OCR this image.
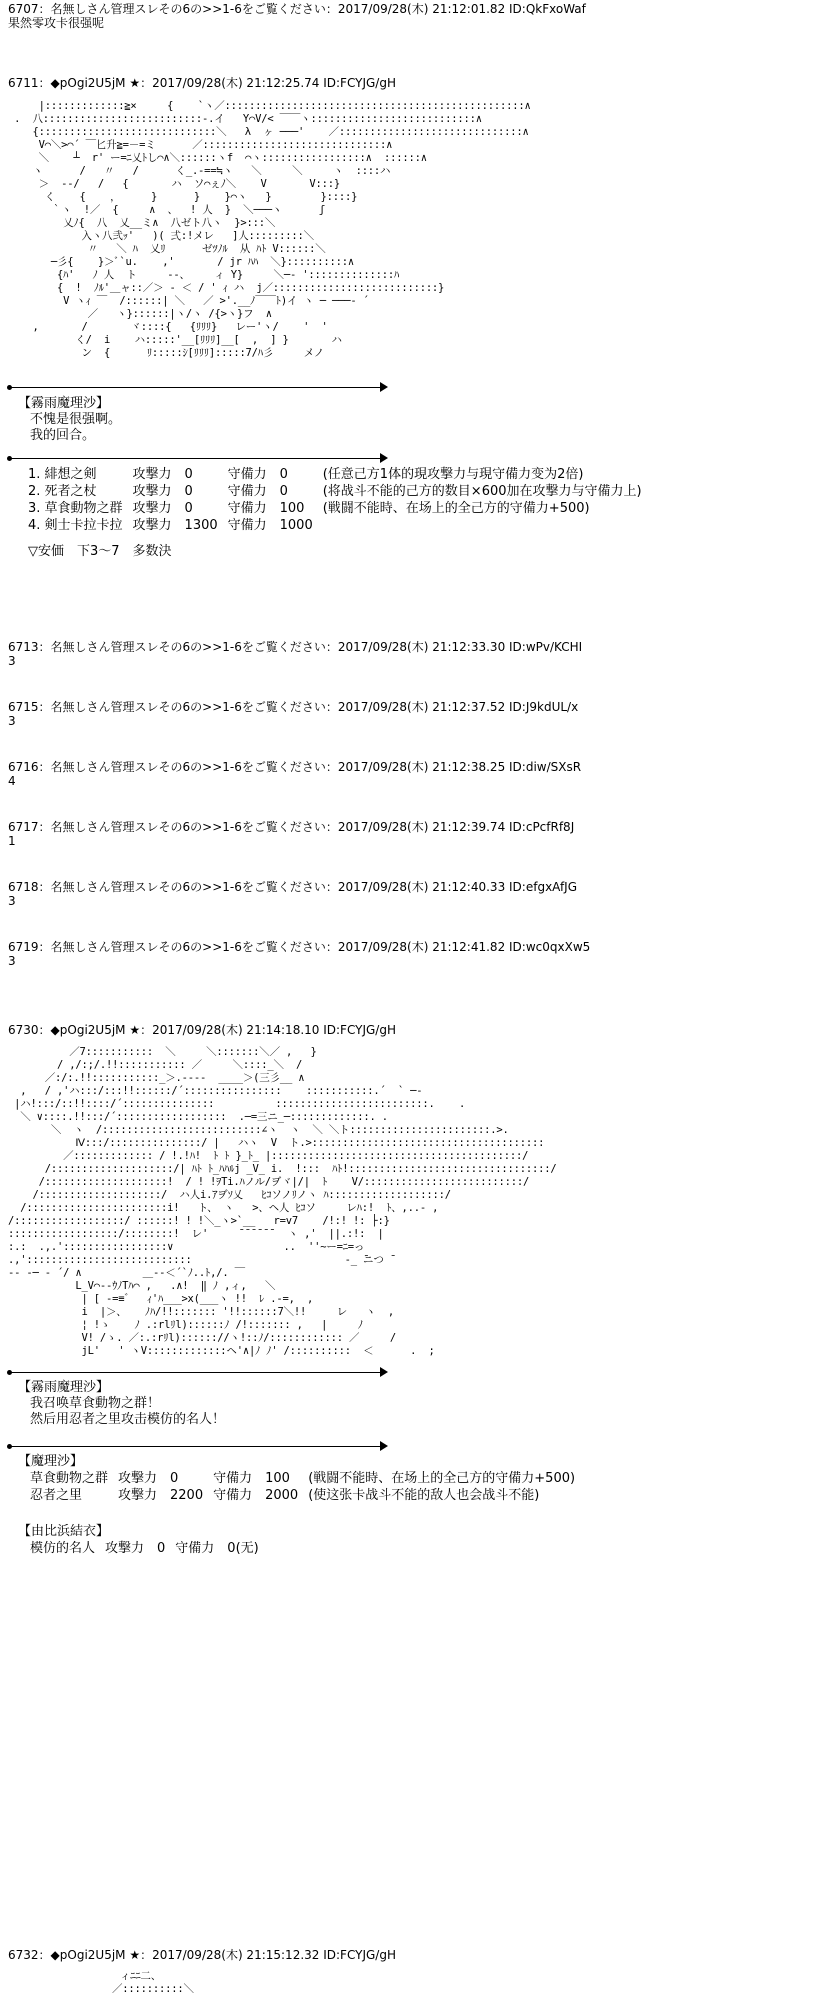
6707：名無しさん管理スレその6の>>1-6をご覧ください：2017/09/28(木) 21:12:01.82 ID:QkFxoWaf
果然零攻卡很强呢
6711：◆pOgi2U5jM ★：2017/09/28(木) 21:12:25.74 ID:FCYJG/gH
|:::::::::::::≧×     {    `ヽ／:::::::::::::::::::::::::::::::::::::::::::::::::∧
.  八::::::::::::::::::::::::::-.イ   Y⌒V/< ￣￣ヽ:::::::::::::::::::::::::::∧
{:::::::::::::::::::::::::::::＼   λ  ヶ ───'    ／::::::::::::::::::::::::::::::∧
V⌒＼>⌒´ ￣匕升≧=－=ミ      ／::::::::::::::::::::::::::::::∧
＼    ┴  r' ー=ﾆ乂ﾄし⌒∧＼::::::ヽf  ⌒ヽ:::::::::::::::::∧  ::::::∧
ヽ      /   〃   /      く_.-==≒ヽ   ＼     ＼     ヽ  ::::ハ
＞  -‐/   /   {       ハ  ソ⌒ぇﾉ＼    V       V:::}
く    {    ，     }      }    }⌒ヽ   }        }::::}
｀ヽ  !／  {     ∧  、  ! 人  }  ＼───ヽ      ʃ
乂ﾉ{  八  乂__ミ∧  八ゼト八ヽ  }>:::＼
入ヽ八弐ｯ'   )( 弍:!メレ   ]人:::::::::＼
〃   ＼ ﾊ  乂ﾘ      ゼﾂﾉﾙ  从 ﾊﾄ V::::::＼
─彡{    }＞ﾞ`u.    ,'       / jr ﾊﾊ  ＼}::::::::::∧
{ﾊ'   ﾉ 人  ト     --、    ィ Y}     ＼─‐ '::::::::::::::ﾊ
{  !  ﾉﾙ'＿ャ::／＞ - ＜ / ' ｨ ハ  j／:::::::::::::::::::::::::::}
V ヽｨ ￣  /::::::| ＼   ／ >'.__ﾉ￣￣ﾄ)イ ヽ ─ ───‐ ´
／   ヽ}::::::|ヽ/ヽ /{>ヽ}フ  ∧
,       /       ヾ::::{   {ﾘﾘﾘ}   レー'ヽ/    '  '
く/  i    ハ:::::'__[ﾘﾘﾘ]__[  ,  ] }       ハ
ン  {      ﾘ:::::ｼ[ﾘﾘﾘ]:::::7/ﾊ彡     メノ
【霧雨魔理沙】
不愧是很强啊。
我的回合。
1. 緋想之剣	攻撃力　0	守備力　0	(任意己方1体的現攻撃力与現守備力变为2倍)
2. 死者之杖	攻撃力　0	守備力　0	(将战斗不能的己方的数目×600加在攻撃力与守備力上)
3. 草食動物之群	攻撃力　0	守備力　100	(戦闘不能時、在场上的全己方的守備力+500)
4. 剣士卡拉卡拉	攻撃力　1300	守備力　1000	
▽安価　下3〜7　多数決
6713：名無しさん管理スレその6の>>1-6をご覧ください：2017/09/28(木) 21:12:33.30 ID:wPv/KCHI
3
6715：名無しさん管理スレその6の>>1-6をご覧ください：2017/09/28(木) 21:12:37.52 ID:J9kdUL/x
3
6716：名無しさん管理スレその6の>>1-6をご覧ください：2017/09/28(木) 21:12:38.25 ID:diw/SXsR
4
6717：名無しさん管理スレその6の>>1-6をご覧ください：2017/09/28(木) 21:12:39.74 ID:cPcfRf8J
1
6718：名無しさん管理スレその6の>>1-6をご覧ください：2017/09/28(木) 21:12:40.33 ID:efgxAfJG
3
6719：名無しさん管理スレその6の>>1-6をご覧ください：2017/09/28(木) 21:12:41.82 ID:wc0qxXw5
3
6730：◆pOgi2U5jM ★：2017/09/28(木) 21:14:18.10 ID:FCYJG/gH
／7:::::::::::  ＼     ＼:::::::＼／ ,   }
/ ,/:;/.!!::::::::::: ／     ＼::::_＼  /
／:/:.!!:::::::::::_＞.----  ____＞(三彡__ ∧
,   / ,'ハ:::/:::!!::::::/´::::::::::::::::    :::::::::::.´  ` ─‐
|ハ!:::/::!!::::/´:::::::::::::::          :::::::::::::::::::::::::.    .
＼ ∨::::.!!:::/´::::::::::::::::::  .─=三ニ_─:::::::::::::. .
＼  ヽ  /::::::::::::::::::::::::::∠ヽ  ヽ  ＼ ＼ト:::::::::::::::::::::::.>.
Ⅳ:::/:::::::::::::::/ |   ハヽ  V  ト.>::::::::::::::::::::::::::::::::::::::
／::::::::::::: / !.!ﾊ!  ﾄ ﾄ }_ﾄ_ |:::::::::::::::::::::::::::::::::::::::::/
/::::::::::::::::::::/| ﾊﾄ ﾄ_ﾊﾊﾙj _V_ i.  !:::  ﾊﾄ!:::::::::::::::::::::::::::::::::/
/::::::::::::::::::::!  / ! !ｦTi.ﾊノル/ヺヾ|/|  ﾄ    V/::::::::::::::::::::::::::/
/::::::::::::::::::::/  ハ人i.ｱヺｿ乂   ﾋｺソノﾘノヽ ﾊ:::::::::::::::::::/
/:::::::::::::::::::::::i!   ト、 ヽ   >、ヘ人 ﾋｺソ     レﾊ:!  ﾄ、,..- ,
/::::::::::::::::::/ ::::::! ! !＼_ヽ>`__   r=v7    /!:! !: ├:}
::::::::::::::::::/::::::::!  レ'     ¯¯¯¯¯¯  ヽ ,'  ||.:!:  |
:.:  .,.':::::::::::::::::∨                  ..  ''~ー=ﾆ=っ
.,':::::::::::::::::::::::::::                         -_ ̄ニつ ̄
-- ‐─ ‐ ´/ ∧          ＿--＜´`ﾉ..ﾄ,/. ￣
L_V⌒--ｳﾉTﾊ⌒ ,   .∧!  ‖ ﾉ ,ィ,   ＼
| [ -=≡゛  ｨ'ﾊ___>x(___ヽ !!  ﾚ .-=,  ,
i  |＞、   ﾉﾊ/!!::::::: '!!::::::7＼!!     レ   ヽ  ,
¦ !ゝ    ﾉ .:rlﾘl)::::::ﾉ /!::::::: ,   |     ﾉ
V! /ゝ. ／:.:rﾘl):::::://ヽ!::ﾉ/:::::::::::: ／     /
jL'   ' ヽV:::::::::::::ヘ'∧|ﾉ ﾉ' /::::::::::  ＜      .  ;
【霧雨魔理沙】
我召唤草食動物之群！
然后用忍者之里攻击模仿的名人！
【魔理沙】
草食動物之群	攻撃力　0	守備力　100	(戦闘不能時、在场上的全己方的守備力+500)
忍者之里	攻撃力　2200	守備力　2000	(使这张卡战斗不能的敌人也会战斗不能)
【由比浜結衣】
模仿的名人	攻撃力　0	守備力　0(无)	
6732：◆pOgi2U5jM ★：2017/09/28(木) 21:15:12.32 ID:FCYJG/gH
ィﾆﾆ二、
／::::::::::＼
